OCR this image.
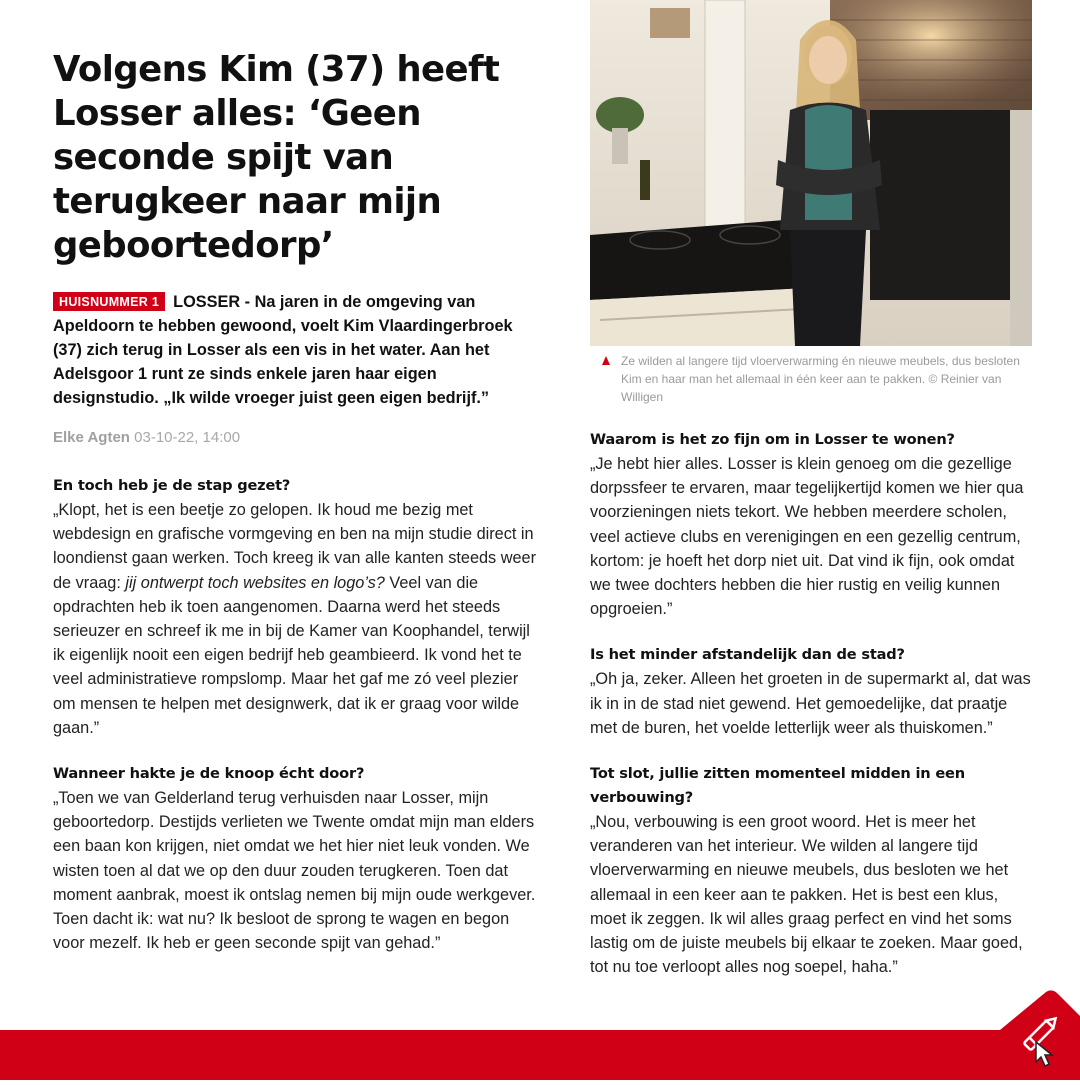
Volgens Kim (37) heeft Losser alles: ‘Geen seconde spijt van terugkeer naar mijn geboortedorp’
HUISNUMMER 1 LOSSER - Na jaren in de omgeving van Apeldoorn te hebben gewoond, voelt Kim Vlaardingerbroek (37) zich terug in Losser als een vis in het water. Aan het Adelsgoor 1 runt ze sinds enkele jaren haar eigen designstudio. „Ik wilde vroeger juist geen eigen bedrijf.”
Elke Agten 03-10-22, 14:00

En toch heb je de stap gezet?

„Klopt, het is een beetje zo gelopen. Ik houd me bezig met webdesign en grafische vormgeving en ben na mijn studie direct in loondienst gaan werken. Toch kreeg ik van alle kanten steeds weer de vraag: jij ontwerpt toch websites en logo’s? Veel van die opdrachten heb ik toen aangenomen. Daarna werd het steeds serieuzer en schreef ik me in bij de Kamer van Koophandel, terwijl ik eigenlijk nooit een eigen bedrijf heb geambieerd. Ik vond het te veel administratieve rompslomp. Maar het gaf me zó veel plezier om mensen te helpen met designwerk, dat ik er graag voor wilde gaan.”

Wanneer hakte je de knoop écht door?

„Toen we van Gelderland terug verhuisden naar Losser, mijn geboortedorp. Destijds verlieten we Twente omdat mijn man elders een baan kon krijgen, niet omdat we het hier niet leuk vonden. We wisten toen al dat we op den duur zouden terugkeren. Toen dat moment aanbrak, moest ik ontslag nemen bij mijn oude werkgever. Toen dacht ik: wat nu? Ik besloot de sprong te wagen en begon voor mezelf. Ik heb er geen seconde spijt van gehad.”

Ze wilden al langere tijd vloerverwarming én nieuwe meubels, dus besloten Kim en haar man het allemaal in één keer aan te pakken. © Reinier van Willigen

Waarom is het zo fijn om in Losser te wonen?

„Je hebt hier alles. Losser is klein genoeg om die gezellige dorpssfeer te ervaren, maar tegelijkertijd komen we hier qua voorzieningen niets tekort. We hebben meerdere scholen, veel actieve clubs en verenigingen en een gezellig centrum, kortom: je hoeft het dorp niet uit. Dat vind ik fijn, ook omdat we twee dochters hebben die hier rustig en veilig kunnen opgroeien.”

Is het minder afstandelijk dan de stad?

„Oh ja, zeker. Alleen het groeten in de supermarkt al, dat was ik in in de stad niet gewend. Het gemoedelijke, dat praatje met de buren, het voelde letterlijk weer als thuiskomen.”

Tot slot, jullie zitten momenteel midden in een verbouwing?

„Nou, verbouwing is een groot woord. Het is meer het veranderen van het interieur. We wilden al langere tijd vloerverwarming en nieuwe meubels, dus besloten we het allemaal in een keer aan te pakken. Het is best een klus, moet ik zeggen. Ik wil alles graag perfect en vind het soms lastig om de juiste meubels bij elkaar te zoeken. Maar goed, tot nu toe verloopt alles nog soepel, haha.”
